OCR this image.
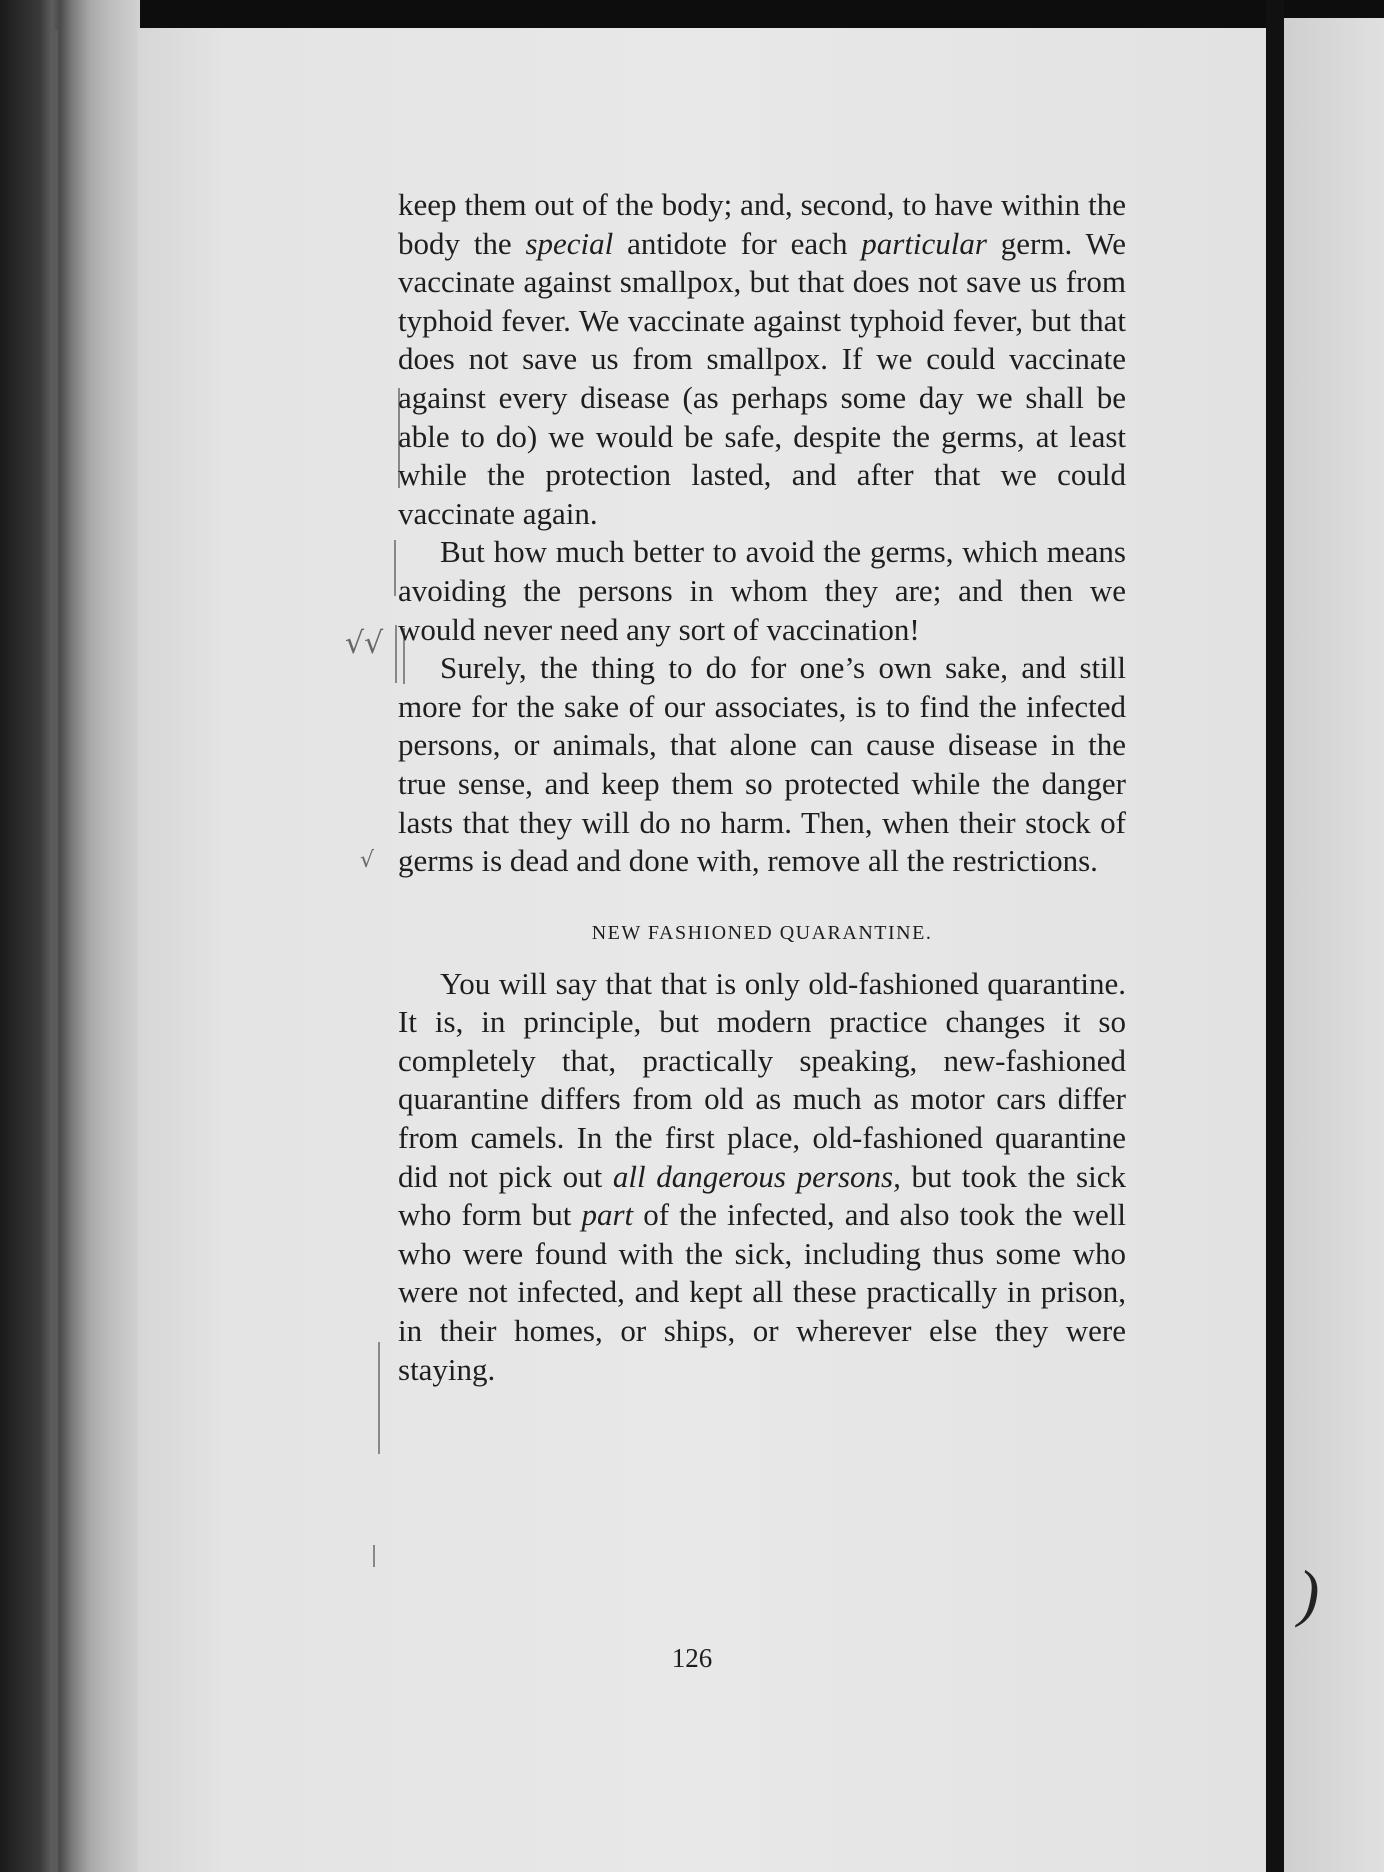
)
√√
√

keep them out of the body; and, second, to have within the body the special antidote for each particular germ. We vaccinate against smallpox, but that does not save us from typhoid fever. We vaccinate against typhoid fever, but that does not save us from smallpox. If we could vaccinate against every disease (as perhaps some day we shall be able to do) we would be safe, despite the germs, at least while the protection lasted, and after that we could vaccinate again.

But how much better to avoid the germs, which means avoiding the persons in whom they are; and then we would never need any sort of vaccination!

Surely, the thing to do for one’s own sake, and still more for the sake of our associates, is to find the infected persons, or animals, that alone can cause disease in the true sense, and keep them so protected while the danger lasts that they will do no harm. Then, when their stock of germs is dead and done with, remove all the restrictions.

NEW FASHIONED QUARANTINE.

You will say that that is only old-fashioned quarantine. It is, in principle, but modern practice changes it so completely that, practically speaking, new-fashioned quarantine differs from old as much as motor cars differ from camels. In the first place, old-fashioned quarantine did not pick out all dangerous persons, but took the sick who form but part of the infected, and also took the well who were found with the sick, including thus some who were not infected, and kept all these practically in prison, in their homes, or ships, or wherever else they were staying.

126
